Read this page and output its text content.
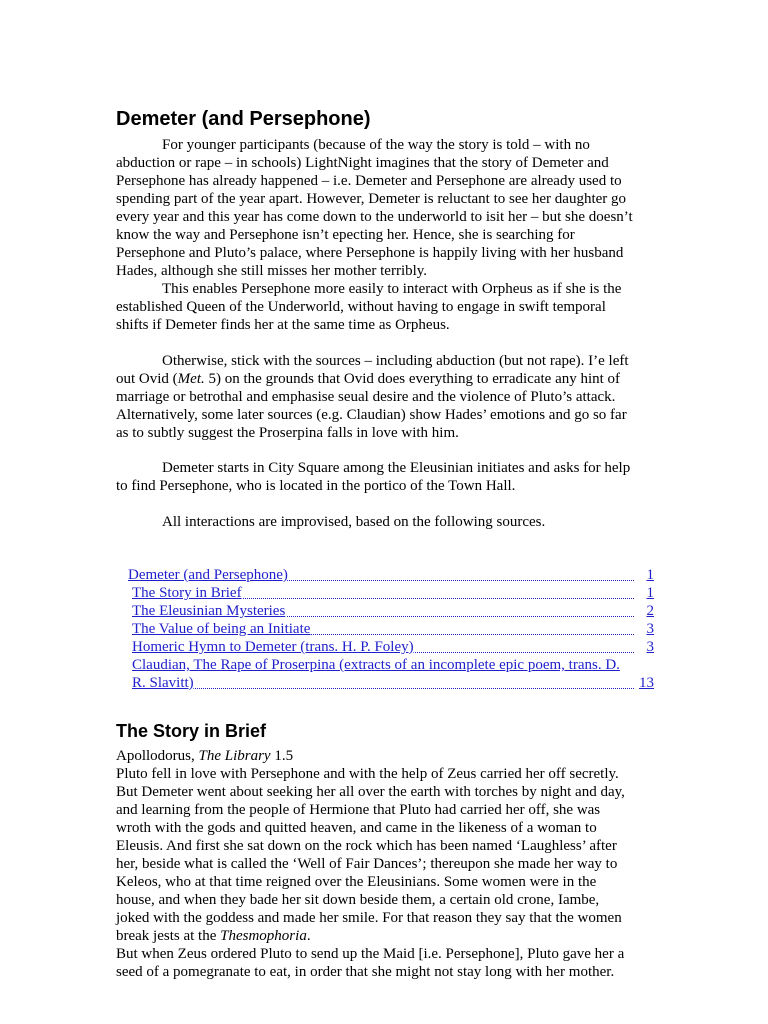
Demeter (and Persephone)
For younger participants (because of the way the story is told – with no
abduction or rape – in schools) LightNight imagines that the story of Demeter and
Persephone has already happened – i.e. Demeter and Persephone are already used to
spending part of the year apart. However, Demeter is reluctant to see her daughter go
every year and this year has come down to the underworld to isit her – but she doesn’t
know the way and Persephone isn’t epecting her. Hence, she is searching for
Persephone and Pluto’s palace, where Persephone is happily living with her husband
Hades, although she still misses her mother terribly.
This enables Persephone more easily to interact with Orpheus as if she is the
established Queen of the Underworld, without having to engage in swift temporal
shifts if Demeter finds her at the same time as Orpheus.
Otherwise, stick with the sources – including abduction (but not rape). I’e left
out Ovid (Met. 5) on the grounds that Ovid does everything to erradicate any hint of
marriage or betrothal and emphasise seual desire and the violence of Pluto’s attack.
Alternatively, some later sources (e.g. Claudian) show Hades’ emotions and go so far
as to subtly suggest the Proserpina falls in love with him.
Demeter starts in City Square among the Eleusinian initiates and asks for help
to find Persephone, who is located in the portico of the Town Hall.
All interactions are improvised, based on the following sources.
Demeter (and Persephone)	1
The Story in Brief	1
The Eleusinian Mysteries	2
The Value of being an Initiate	3
Homeric Hymn to Demeter (trans. H. P. Foley)	3
Claudian, The Rape of Proserpina (extracts of an incomplete epic poem, trans. D.
R. Slavitt)	13
The Story in Brief
Apollodorus, The Library 1.5
Pluto fell in love with Persephone and with the help of Zeus carried her off secretly.
But Demeter went about seeking her all over the earth with torches by night and day,
and learning from the people of Hermione that Pluto had carried her off, she was
wroth with the gods and quitted heaven, and came in the likeness of a woman to
Eleusis. And first she sat down on the rock which has been named ‘Laughless’ after
her, beside what is called the ‘Well of Fair Dances’; thereupon she made her way to
Keleos, who at that time reigned over the Eleusinians. Some women were in the
house, and when they bade her sit down beside them, a certain old crone, Iambe,
joked with the goddess and made her smile. For that reason they say that the women
break jests at the Thesmophoria.
But when Zeus ordered Pluto to send up the Maid [i.e. Persephone], Pluto gave her a
seed of a pomegranate to eat, in order that she might not stay long with her mother.
